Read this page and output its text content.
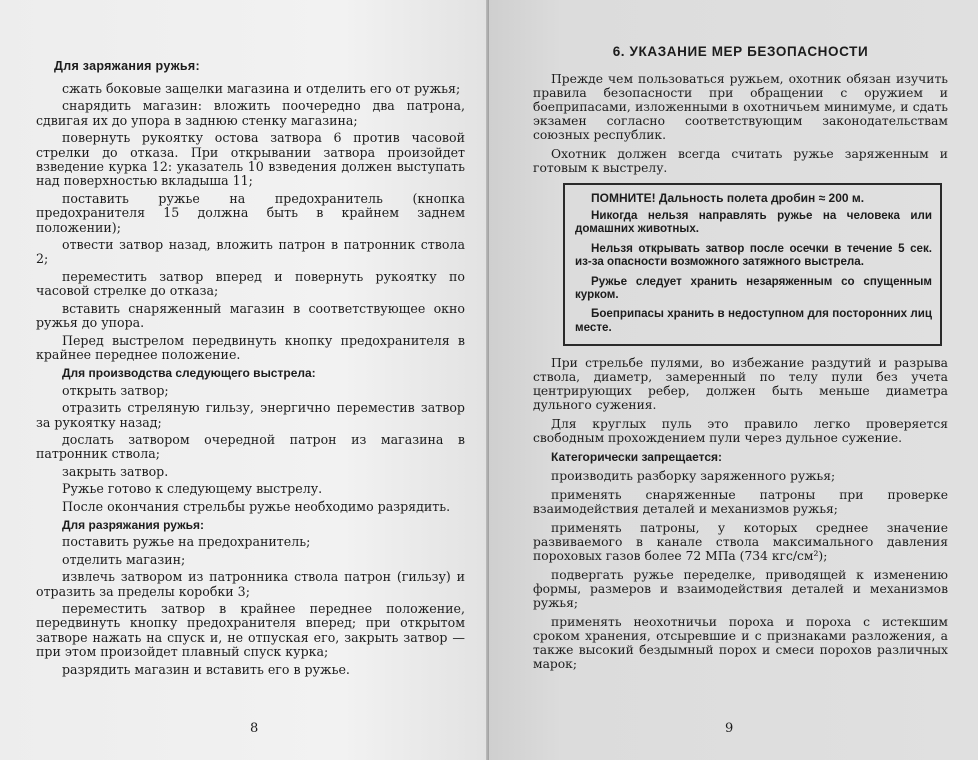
Для заряжания ружья:

сжать боковые защелки магазина и отделить его от ружья;

снарядить магазин: вложить поочередно два патрона, сдвигая их до упора в заднюю стенку магазина;

повернуть рукоятку остова затвора 6 против часовой стрелки до отказа. При открывании затвора произойдет взведение курка 12: указатель 10 взведения должен выступать над поверхностью вкладыша 11;

поставить ружье на предохранитель (кнопка предохранителя 15 должна быть в крайнем заднем положении);

отвести затвор назад, вложить патрон в патронник ствола 2;

переместить затвор вперед и повернуть рукоятку по часовой стрелке до отказа;

вставить снаряженный магазин в соответствующее окно ружья до упора.

Перед выстрелом передвинуть кнопку предохранителя в крайнее переднее положение.

Для производства следующего выстрела:

открыть затвор;

отразить стреляную гильзу, энергично переместив затвор за рукоятку назад;

дослать затвором очередной патрон из магазина в патронник ствола;

закрыть затвор.

Ружье готово к следующему выстрелу.

После окончания стрельбы ружье необходимо разрядить.

Для разряжания ружья:

поставить ружье на предохранитель;

отделить магазин;

извлечь затвором из патронника ствола патрон (гильзу) и отразить за пределы коробки 3;

переместить затвор в крайнее переднее положение, передвинуть кнопку предохранителя вперед; при открытом затворе нажать на спуск и, не отпуская его, закрыть затвор — при этом произойдет плавный спуск курка;

разрядить магазин и вставить его в ружье.

8

6. УКАЗАНИЕ МЕР БЕЗОПАСНОСТИ

Прежде чем пользоваться ружьем, охотник обязан изучить правила безопасности при обращении с оружием и боеприпасами, изложенными в охотничьем минимуме, и сдать экзамен согласно соответствующим законодательствам союзных республик.

Охотник должен всегда считать ружье заряженным и готовым к выстрелу.

ПОМНИТЕ! Дальность полета дробин ≈ 200 м.

Никогда нельзя направлять ружье на человека или домашних животных.

Нельзя открывать затвор после осечки в течение 5 сек. из-за опасности возможного затяжного выстрела.

Ружье следует хранить незаряженным со спущенным курком.

Боеприпасы хранить в недоступном для посторонних лиц месте.

При стрельбе пулями, во избежание раздутий и разрыва ствола, диаметр, замеренный по телу пули без учета центрирующих ребер, должен быть меньше диаметра дульного сужения.

Для круглых пуль это правило легко проверяется свободным прохождением пули через дульное сужение.

Категорически запрещается:

производить разборку заряженного ружья;

применять снаряженные патроны при проверке взаимодействия деталей и механизмов ружья;

применять патроны, у которых среднее значение развиваемого в канале ствола максимального давления пороховых газов более 72 МПа (734 кгс/см²);

подвергать ружье переделке, приводящей к изменению формы, размеров и взаимодействия деталей и механизмов ружья;

применять неохотничьи пороха и пороха с истекшим сроком хранения, отсыревшие и с признаками разложения, а также высокий бездымный порох и смеси порохов различных марок;

9
